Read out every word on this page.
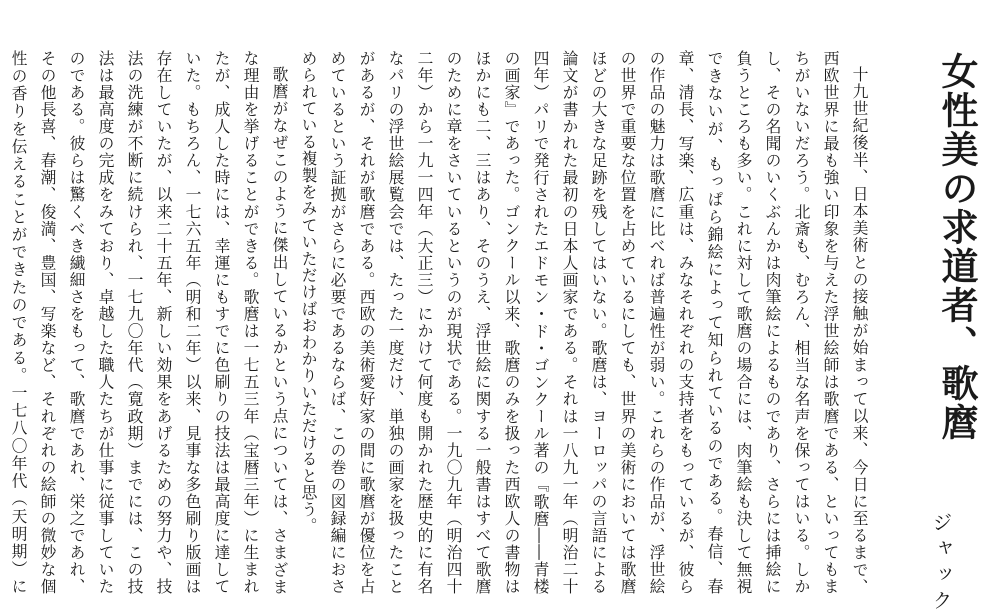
女性美の求道者、歌麿
ジャック

十九世紀後半、日本美術との接触が始まって以来、今日に至るまで、西欧世界に最も強い印象を与えた浮世絵師は歌麿である、といってもまちがいないだろう。北斎も、むろん、相当な名声を保ってはいる。しかし、その名聞のいくぶんかは肉筆絵によるものであり、さらには挿絵に負うところも多い。これに対して歌麿の場合には、肉筆絵も決して無視できないが、もっぱら錦絵によって知られているのである。春信、春章、清長、写楽、広重は、みなそれぞれの支持者をもっているが、彼らの作品の魅力は歌麿に比べれば普遍性が弱い。これらの作品が、浮世絵の世界で重要な位置を占めているにしても、世界の美術においては歌麿ほどの大きな足跡を残してはいない。歌麿は、ヨーロッパの言語による論文が書かれた最初の日本人画家である。それは一八九一年（明治二十四年）パリで発行されたエドモン・ド・ゴンクール著の『歌麿――青楼の画家』であった。ゴンクール以来、歌麿のみを扱った西欧人の書物はほかにも二、三はあり、そのうえ、浮世絵に関する一般書はすべて歌麿のために章をさいているというのが現状である。一九〇九年（明治四十二年）から一九一四年（大正三）にかけて何度も開かれた歴史的に有名なパリの浮世絵展覧会では、たった一度だけ、単独の画家を扱ったことがあるが、それが歌麿である。西欧の美術愛好家の間に歌麿が優位を占めているという証拠がさらに必要であるならば、この巻の図録編におさめられている複製をみていただけばおわかりいただけると思う。

歌麿がなぜこのように傑出しているかという点については、さまざまな理由を挙げることができる。歌麿は一七五三年（宝暦三年）に生まれたが、成人した時には、幸運にもすでに色刷りの技法は最高度に達していた。もちろん、一七六五年（明和二年）以来、見事な多色刷り版画は存在していたが、以来二十五年、新しい効果をあげるための努力や、技法の洗練が不断に続けられ、一七九〇年代（寛政期）までには、この技法は最高度の完成をみており、卓越した職人たちが仕事に従事していたのである。彼らは驚くべき繊細さをもって、歌麿であれ、栄之であれ、その他長喜、春潮、俊満、豊国、写楽など、それぞれの絵師の微妙な個性の香りを伝えることができたのである。一七八〇年代（天明期）に
